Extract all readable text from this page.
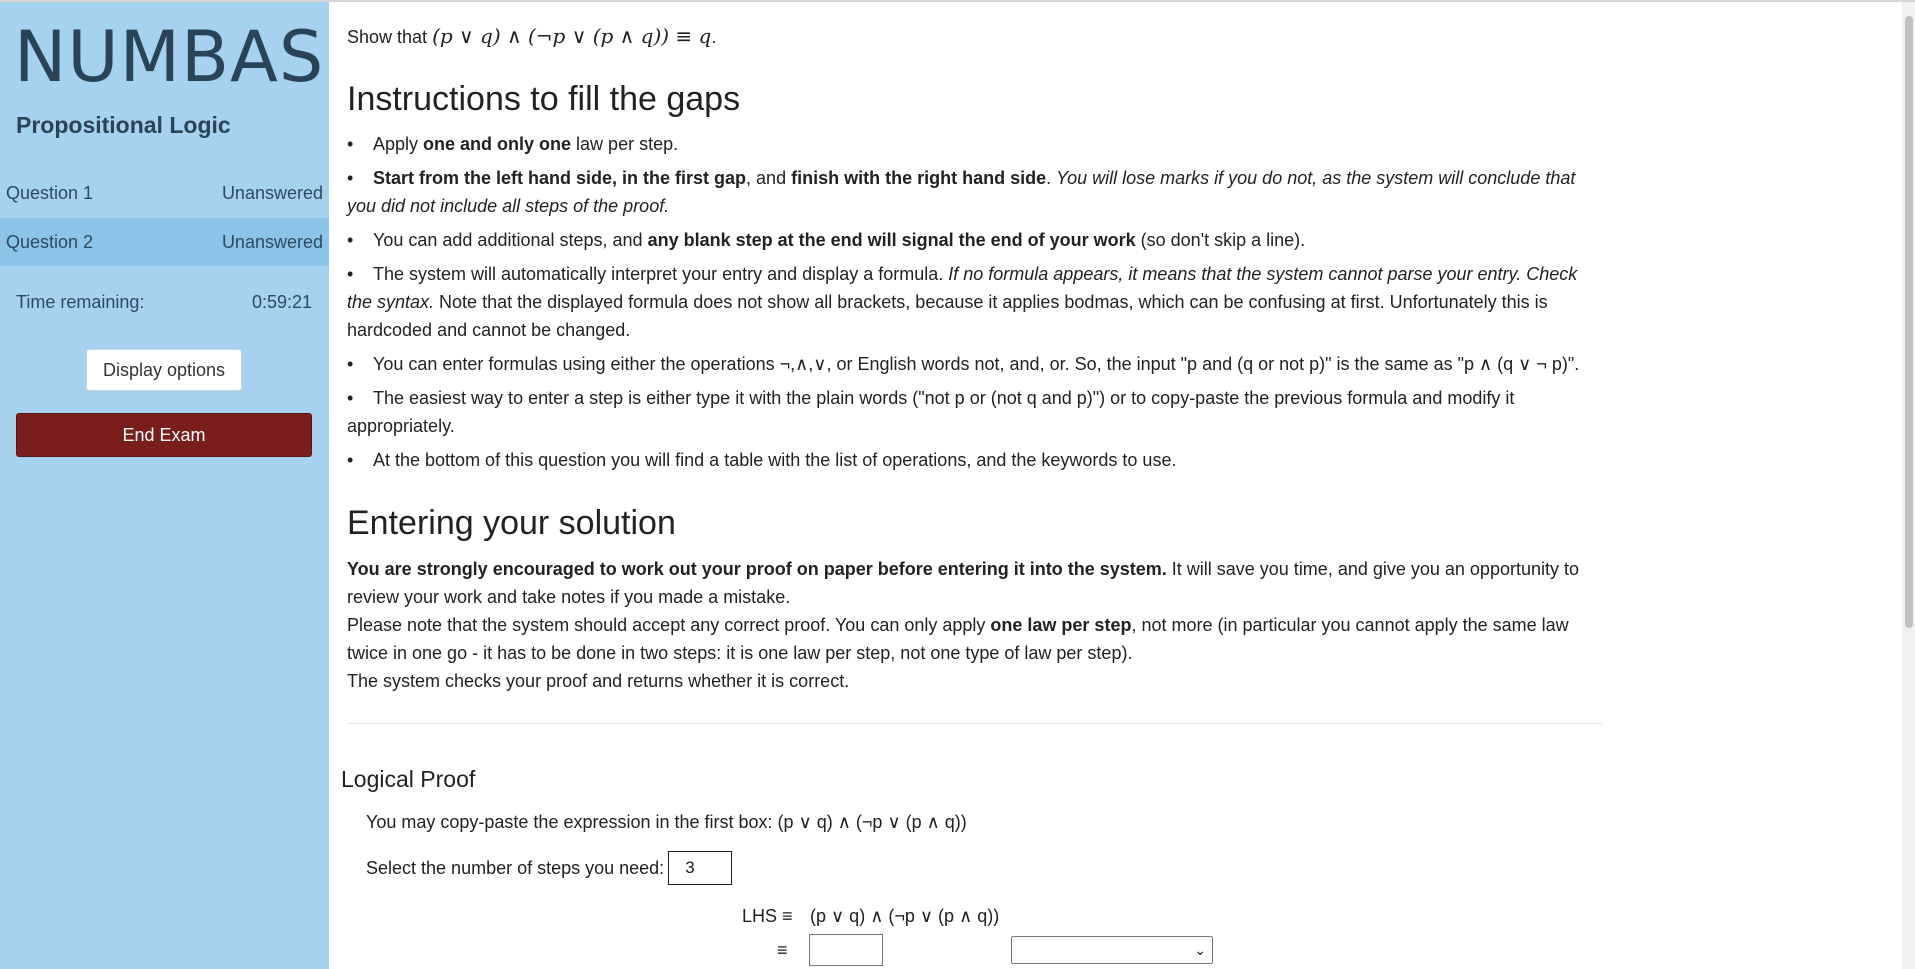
NUMBAS
Propositional Logic
Question 1	Unanswered
Question 2	Unanswered
Time remaining:	0:59:21
Display options
End Exam
Show that (p ∨ q) ∧ (¬p ∨ (p ∧ q)) ≡ q.
Instructions to fill the gaps
• Apply one and only one law per step.
• Start from the left hand side, in the first gap, and finish with the right hand side. You will lose marks if you do not, as the system will conclude that you did not include all steps of the proof.
• You can add additional steps, and any blank step at the end will signal the end of your work (so don't skip a line).
• The system will automatically interpret your entry and display a formula. If no formula appears, it means that the system cannot parse your entry. Check the syntax. Note that the displayed formula does not show all brackets, because it applies bodmas, which can be confusing at first. Unfortunately this is hardcoded and cannot be changed.
• You can enter formulas using either the operations ¬,∧,∨, or English words not, and, or. So, the input "p and (q or not p)" is the same as "p ∧ (q ∨ ¬ p)".
• The easiest way to enter a step is either type it with the plain words ("not p or (not q and p)") or to copy-paste the previous formula and modify it appropriately.
• At the bottom of this question you will find a table with the list of operations, and the keywords to use.
Entering your solution

You are strongly encouraged to work out your proof on paper before entering it into the system. It will save you time, and give you an opportunity to review your work and take notes if you made a mistake.

Please note that the system should accept any correct proof. You can only apply one law per step, not more (in particular you cannot apply the same law twice in one go - it has to be done in two steps: it is one law per step, not one type of law per step).

The system checks your proof and returns whether it is correct.

Logical Proof
You may copy-paste the expression in the first box: (p ∨ q) ∧ (¬p ∨ (p ∧ q))
Select the number of steps you need:	3
LHS ≡ (p ∨ q) ∧ (¬p ∨ (p ∧ q))
≡	⌄
